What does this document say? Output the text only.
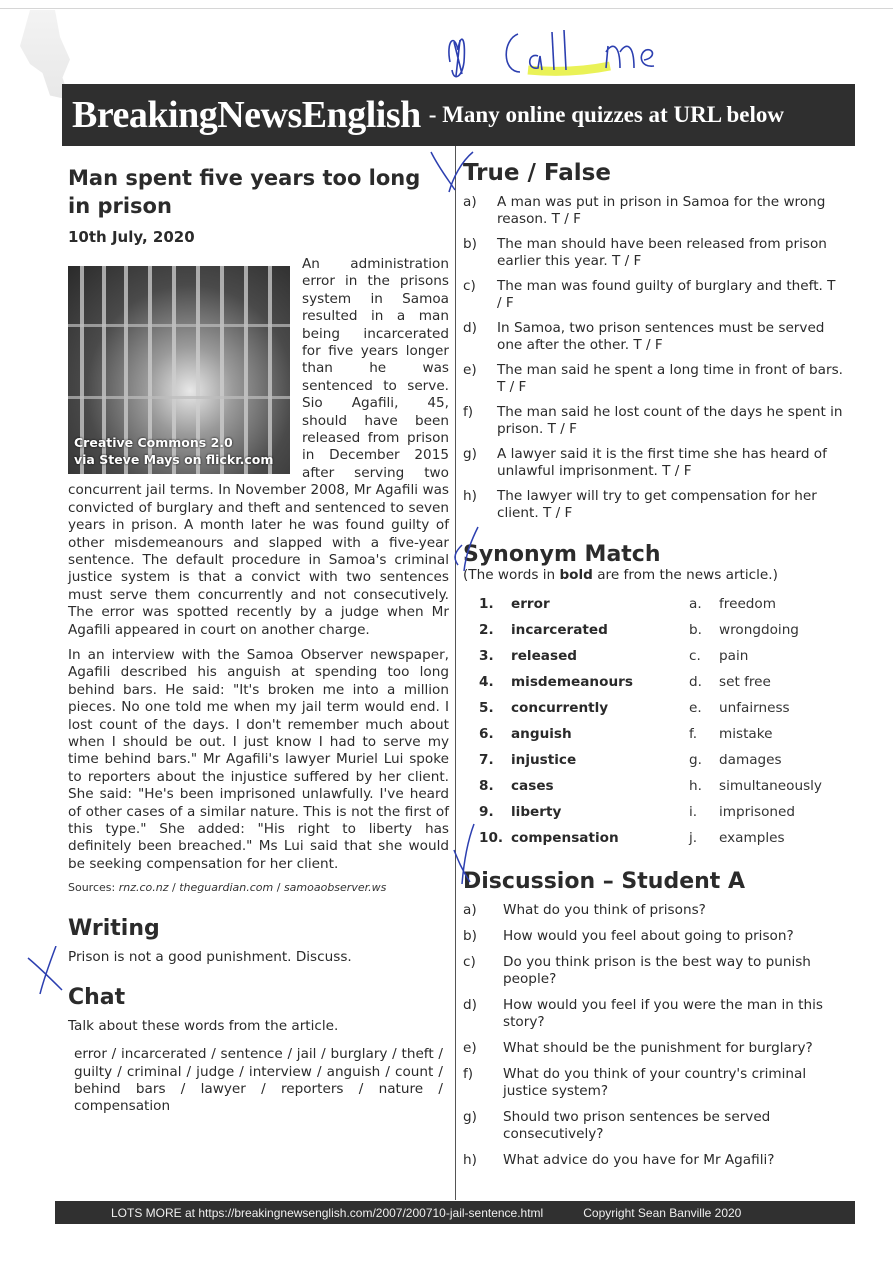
BreakingNewsEnglish - Many online quizzes at URL below
Man spent five years too long in prison
10th July, 2020
Creative Commons 2.0
via Steve Mays on flickr.com

An administration error in the prisons system in Samoa resulted in a man being incarcerated for five years longer than he was sentenced to serve. Sio Agafili, 45, should have been released from prison in December 2015 after serving two concurrent jail terms. In November 2008, Mr Agafili was convicted of burglary and theft and sentenced to seven years in prison. A month later he was found guilty of other misdemeanours and slapped with a five-year sentence. The default procedure in Samoa's criminal justice system is that a convict with two sentences must serve them concurrently and not consecutively. The error was spotted recently by a judge when Mr Agafili appeared in court on another charge.

In an interview with the Samoa Observer newspaper, Agafili described his anguish at spending too long behind bars. He said: "It's broken me into a million pieces. No one told me when my jail term would end. I lost count of the days. I don't remember much about when I should be out. I just know I had to serve my time behind bars." Mr Agafili's lawyer Muriel Lui spoke to reporters about the injustice suffered by her client. She said: "He's been imprisoned unlawfully. I've heard of other cases of a similar nature. This is not the first of this type." She added: "His right to liberty has definitely been breached." Ms Lui said that she would be seeking compensation for her client.

Sources: rnz.co.nz / theguardian.com / samoaobserver.ws
Writing
Prison is not a good punishment. Discuss.
Chat
Talk about these words from the article.
error / incarcerated / sentence / jail / burglary / theft / guilty / criminal / judge / interview / anguish / count / behind bars / lawyer / reporters / nature / compensation
True / False
a)	A man was put in prison in Samoa for the wrong reason. T / F
b)	The man should have been released from prison earlier this year. T / F
c)	The man was found guilty of burglary and theft. T / F
d)	In Samoa, two prison sentences must be served one after the other. T / F
e)	The man said he spent a long time in front of bars. T / F
f)	The man said he lost count of the days he spent in prison. T / F
g)	A lawyer said it is the first time she has heard of unlawful imprisonment. T / F
h)	The lawyer will try to get compensation for her client. T / F
Synonym Match
(The words in bold are from the news article.)
1.	error	a.	freedom
2.	incarcerated	b.	wrongdoing
3.	released	c.	pain
4.	misdemeanours	d.	set free
5.	concurrently	e.	unfairness
6.	anguish	f.	mistake
7.	injustice	g.	damages
8.	cases	h.	simultaneously
9.	liberty	i.	imprisoned
10. compensation	j.	examples
Discussion – Student A
a)	What do you think of prisons?
b)	How would you feel about going to prison?
c)	Do you think prison is the best way to punish people?
d)	How would you feel if you were the man in this story?
e)	What should be the punishment for burglary?
f)	What do you think of your country's criminal justice system?
g)	Should two prison sentences be served consecutively?
h)	What advice do you have for Mr Agafili?
LOTS MORE at https://breakingnewsenglish.com/2007/200710-jail-sentence.html	Copyright Sean Banville 2020
